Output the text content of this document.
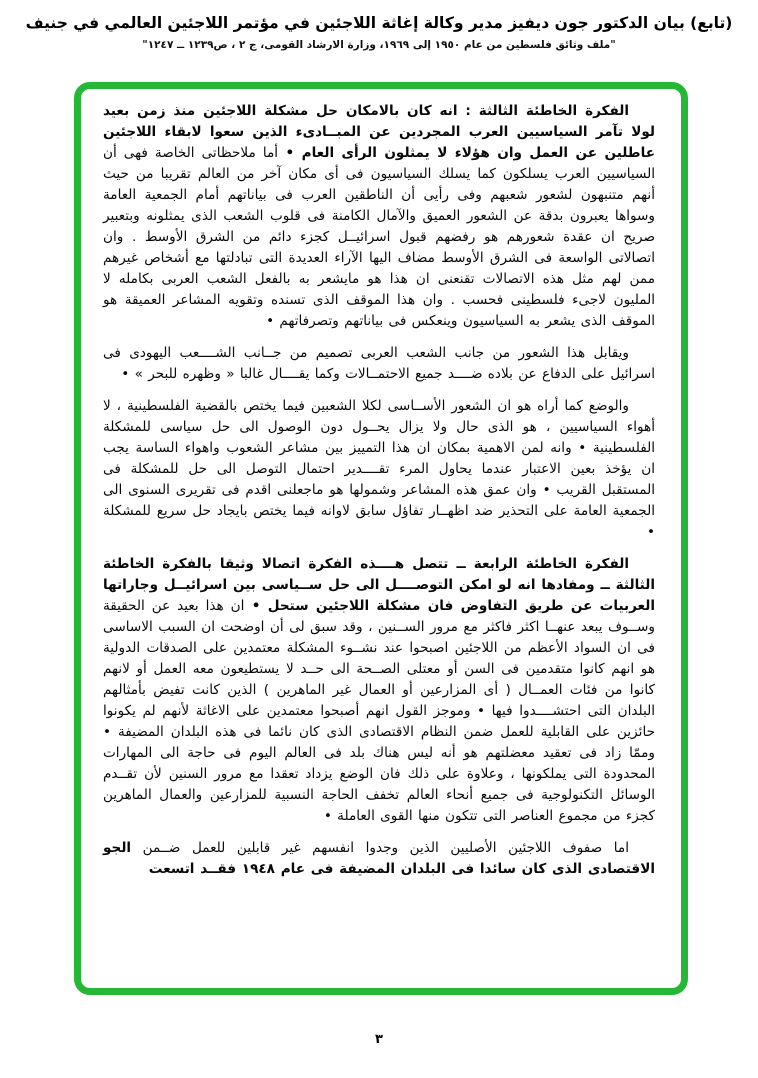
(تابع) بيان الدكتور جون ديفيز مدير وكالة إغاثة اللاجئين في مؤتمر اللاجئين العالمي في جنيف
"ملف وثائق فلسطين من عام ١٩٥٠ إلى ١٩٦٩، وزارة الارشاد القومى، ج ٢ ، ص١٢٣٩ ــ ١٢٤٧"

الفكرة الخاطئة الثالثة : انه كان بالامكان حل مشكلة اللاجئين منذ زمن بعيد لولا تآمر السياسيين العرب المجردين عن المبــادىء الذين سعوا لابقاء اللاجئين عاطلين عن العمل وان هؤلاء لا يمثلون الرأى العام • أما ملاحظاتى الخاصة فهى أن السياسيين العرب يسلكون كما يسلك السياسيون فى أى مكان آخر من العالم تقريبا من حيث أنهم متنبهون لشعور شعبهم وفى رأيى أن الناطقين العرب فى بياناتهم أمام الجمعية العامة وسواها يعبرون بدقة عن الشعور العميق والآمال الكامنة فى قلوب الشعب الذى يمثلونه وبتعبير صريح ان عقدة شعورهم هو رفضهم قبول اسرائيــل كجزء دائم من الشرق الأوسط . وان اتصالاتى الواسعة فى الشرق الأوسط مضاف اليها الآراء العديدة التى تبادلتها مع أشخاص غيرهم ممن لهم مثل هذه الاتصالات تقنعنى ان هذا هو مايشعر به بالفعل الشعب العربى بكامله لا المليون لاجىء فلسطينى فحسب . وان هذا الموقف الذى تسنده وتقويه المشاعر العميقة هو الموقف الذى يشعر به السياسيون وينعكس فى بياناتهم وتصرفاتهم •

ويقابل هذا الشعور من جانب الشعب العربى تصميم من جــانب الشــــعب اليهودى فى اسرائيل على الدفاع عن بلاده ضــــد جميع الاحتمــالات وكما يقــــال غالبا « وظهره للبحر » •

والوضع كما أراه هو ان الشعور الأســاسى لكلا الشعبين فيما يختص بالقضية الفلسطينية ، لا أهواء السياسيين ، هو الذى حال ولا يزال يحــول دون الوصول الى حل سياسى للمشكلة الفلسطينية • وانه لمن الاهمية بمكان ان هذا التمييز بين مشاعر الشعوب واهواء الساسة يجب ان يؤخذ بعين الاعتبار عندما يحاول المرء تقــــدير احتمال التوصل الى حل للمشكلة فى المستقبل القريب • وان عمق هذه المشاعر وشمولها هو ماجعلنى اقدم فى تقريرى السنوى الى الجمعية العامة على التحذير ضد اظهــار تفاؤل سابق لاوانه فيما يختص بايجاد حل سريع للمشكلة •

الفكرة الخاطئة الرابعة ــ تتصل هــــذه الفكرة اتصالا وثيقا بالفكرة الخاطئة الثالثة ــ ومفادها انه لو امكن التوصــــل الى حل ســياسى بين اسرائيــل وجاراتها العربيات عن طريق التفاوض فان مشكلة اللاجئين ستحل • ان هذا بعيد عن الحقيقة وســوف يبعد عنهــا اكثر فاكثر مع مرور الســنين ، وقد سبق لى أن اوضحت ان السبب الاساسى فى ان السواد الأعظم من اللاجئين اصبحوا عند نشــوء المشكلة معتمدين على الصدقات الدولية هو انهم كانوا متقدمين فى السن أو معتلى الصــحة الى حــد لا يستطيعون معه العمل أو لانهم كانوا من فئات العمــال ( أى المزارعين أو العمال غير الماهرين ) الذين كانت تفيض بأمثالهم البلدان التى احتشــــدوا فيها • وموجز القول انهم أصبحوا معتمدين على الاغاثة لأنهم لم يكونوا حائزين على القابلية للعمل ضمن النظام الاقتصادى الذى كان نائما فى هذه البلدان المضيفة • وممّا زاد فى تعقيد معضلتهم هو أنه ليس هناك بلد فى العالم اليوم فى حاجة الى المهارات المحدودة التى يملكونها ، وعلاوة على ذلك فان الوضع يزداد تعقدا مع مرور السنين لأن تقــدم الوسائل التكنولوجية فى جميع أنحاء العالم تخفف الحاجة النسبية للمزارعين والعمال الماهرين كجزء من مجموع العناصر التى تتكون منها القوى العاملة •

اما صفوف اللاجئين الأصليين الذين وجدوا انفسهم غير قابلين للعمل ضــمن الجو الاقتصادى الذى كان سائدا فى البلدان المضيفة فى عام ١٩٤٨ فقــد اتسعت

٣
